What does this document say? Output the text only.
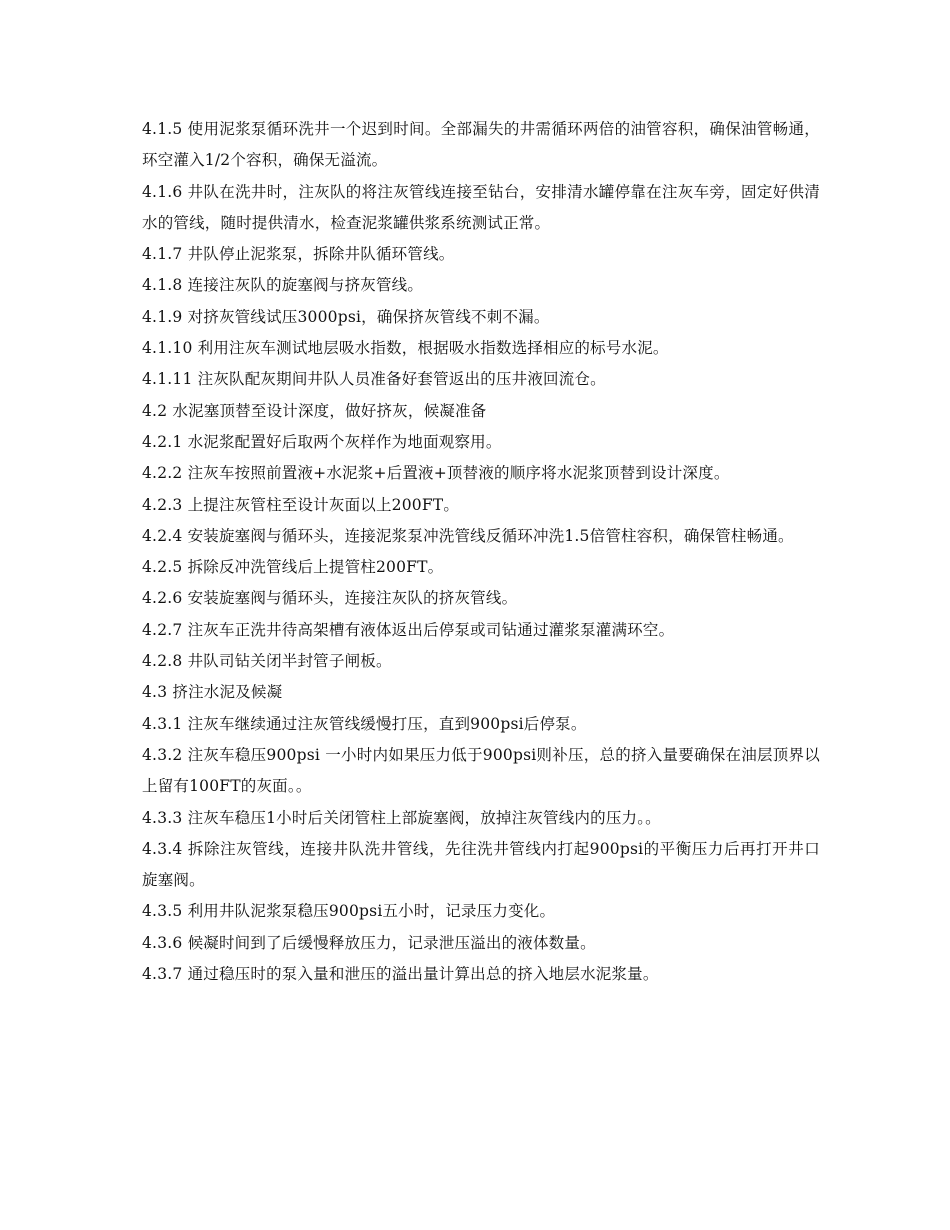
4.1.5 使用泥浆泵循环洗井一个迟到时间。全部漏失的井需循环两倍的油管容积，确保油管畅通，环空灌入1/2个容积，确保无溢流。

4.1.6 井队在洗井时，注灰队的将注灰管线连接至钻台，安排清水罐停靠在注灰车旁，固定好供清水的管线，随时提供清水，检查泥浆罐供浆系统测试正常。

4.1.7 井队停止泥浆泵，拆除井队循环管线。

4.1.8 连接注灰队的旋塞阀与挤灰管线。

4.1.9 对挤灰管线试压3000psi，确保挤灰管线不刺不漏。

4.1.10 利用注灰车测试地层吸水指数，根据吸水指数选择相应的标号水泥。

4.1.11 注灰队配灰期间井队人员准备好套管返出的压井液回流仓。

4.2 水泥塞顶替至设计深度，做好挤灰，候凝准备

4.2.1 水泥浆配置好后取两个灰样作为地面观察用。

4.2.2 注灰车按照前置液+水泥浆+后置液+顶替液的顺序将水泥浆顶替到设计深度。

4.2.3 上提注灰管柱至设计灰面以上200FT。

4.2.4 安装旋塞阀与循环头，连接泥浆泵冲洗管线反循环冲洗1.5倍管柱容积，确保管柱畅通。

4.2.5 拆除反冲洗管线后上提管柱200FT。

4.2.6 安装旋塞阀与循环头，连接注灰队的挤灰管线。

4.2.7 注灰车正洗井待高架槽有液体返出后停泵或司钻通过灌浆泵灌满环空。

4.2.8 井队司钻关闭半封管子闸板。

4.3 挤注水泥及候凝

4.3.1 注灰车继续通过注灰管线缓慢打压，直到900psi后停泵。

4.3.2 注灰车稳压900psi 一小时内如果压力低于900psi则补压，总的挤入量要确保在油层顶界以上留有100FT的灰面。。

4.3.3 注灰车稳压1小时后关闭管柱上部旋塞阀，放掉注灰管线内的压力。。

4.3.4 拆除注灰管线，连接井队洗井管线，先往洗井管线内打起900psi的平衡压力后再打开井口旋塞阀。

4.3.5 利用井队泥浆泵稳压900psi五小时，记录压力变化。

4.3.6 候凝时间到了后缓慢释放压力，记录泄压溢出的液体数量。

4.3.7 通过稳压时的泵入量和泄压的溢出量计算出总的挤入地层水泥浆量。
